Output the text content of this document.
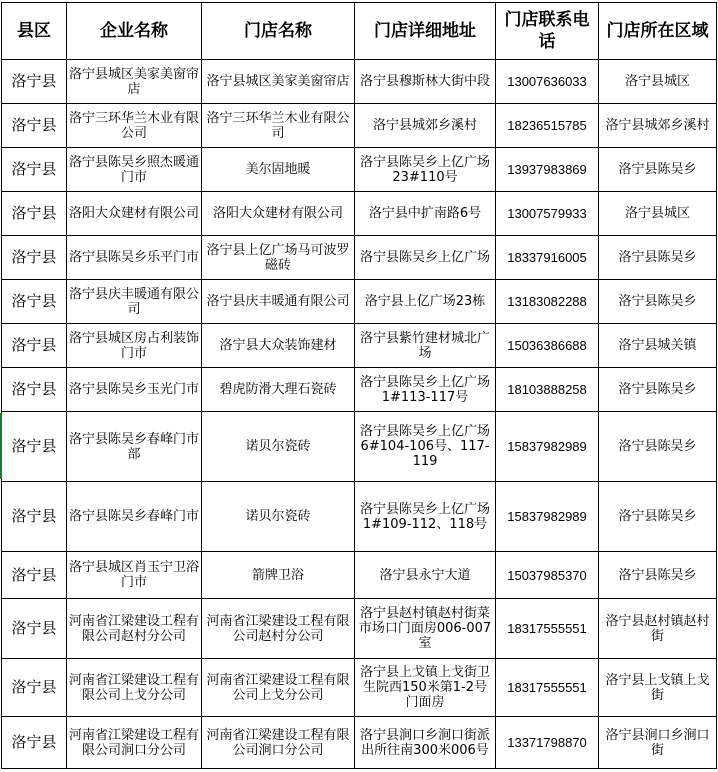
县区	企业名称	门店名称	门店详细地址	门店联系电话	门店所在区域
洛宁县	洛宁县城区美家美窗帘店	洛宁县城区美家美窗帘店	洛宁县穆斯林大街中段	13007636033	洛宁县城区
洛宁县	洛宁三环华兰木业有限公司	洛宁三环华兰木业有限公司	洛宁县城郊乡溪村	18236515785	洛宁县城郊乡溪村
洛宁县	洛宁县陈吴乡照杰暖通门市	美尔固地暖	洛宁县陈吴乡上亿广场23#110号	13937983869	洛宁县陈吴乡
洛宁县	洛阳大众建材有限公司	洛阳大众建材有限公司	洛宁县中扩南路6号	13007579933	洛宁县城区
洛宁县	洛宁县陈吴乡乐平门市	洛宁县上亿广场马可波罗磁砖	洛宁县陈吴乡上亿广场	18337916005	洛宁县陈吴乡
洛宁县	洛宁县庆丰暖通有限公司	洛宁县庆丰暖通有限公司	洛宁县上亿广场23栋	13183082288	洛宁县陈吴乡
洛宁县	洛宁县城区房占利装饰门市	洛宁县大众装饰建材	洛宁县紫竹建材城北广场	15036386688	洛宁县城关镇
洛宁县	洛宁县陈吴乡玉光门市	碧虎防滑大理石瓷砖	洛宁县陈吴乡上亿广场1#113-117号	18103888258	洛宁县陈吴乡
洛宁县	洛宁县陈吴乡春峰门市部	诺贝尔瓷砖	洛宁县陈吴乡上亿广场6#104-106号、117-119	15837982989	洛宁县陈吴乡
洛宁县	洛宁县陈吴乡春峰门市	诺贝尔瓷砖	洛宁县陈吴乡上亿广场1#109-112、118号	15837982989	洛宁县陈吴乡
洛宁县	洛宁县城区肖玉宁卫浴门市	箭牌卫浴	洛宁县永宁大道	15037985370	洛宁县陈吴乡
洛宁县	河南省江梁建设工程有限公司赵村分公司	河南省江梁建设工程有限公司赵村分公司	洛宁县赵村镇赵村街菜市场口门面房006-007室	18317555551	洛宁县赵村镇赵村街
洛宁县	河南省江梁建设工程有限公司上戈分公司	河南省江梁建设工程有限公司上戈分公司	洛宁县上戈镇上戈街卫生院西150米第1-2号门面房	18317555551	洛宁县上戈镇上戈街
洛宁县	河南省江梁建设工程有限公司涧口分公司	河南省江梁建设工程有限公司涧口分公司	洛宁县涧口乡涧口街派出所往南300米006号	13371798870	洛宁县涧口乡涧口街
